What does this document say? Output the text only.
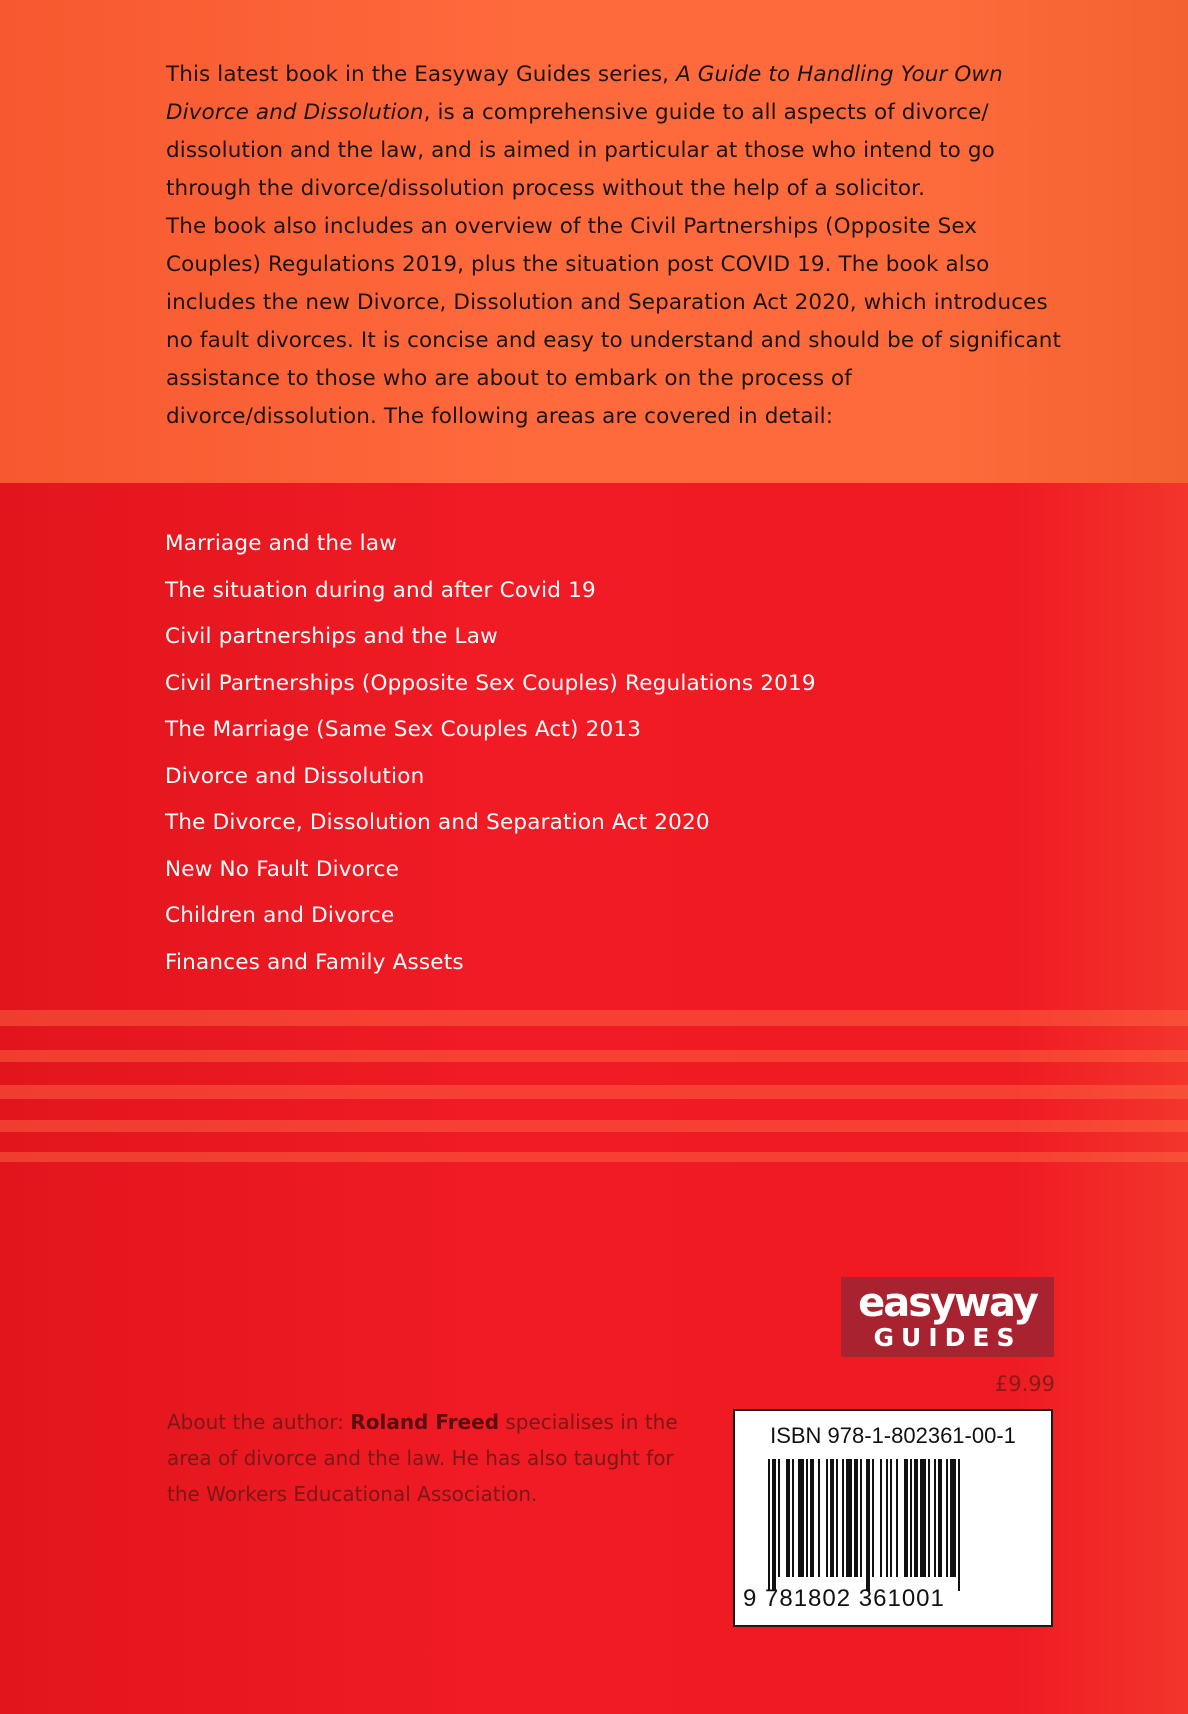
This latest book in the Easyway Guides series, A Guide to Handling Your Own Divorce and Dissolution, is a comprehensive guide to all aspects of divorce/ dissolution and the law, and is aimed in particular at those who intend to go through the divorce/dissolution process without the help of a solicitor.

The book also includes an overview of the Civil Partnerships (Opposite Sex Couples) Regulations 2019, plus the situation post COVID 19. The book also includes the new Divorce, Dissolution and Separation Act 2020, which introduces no fault divorces. It is concise and easy to understand and should be of significant assistance to those who are about to embark on the process of divorce/dissolution. The following areas are covered in detail:

Marriage and the law
The situation during and after Covid 19
Civil partnerships and the Law
Civil Partnerships (Opposite Sex Couples) Regulations 2019
The Marriage (Same Sex Couples Act) 2013
Divorce and Dissolution
The Divorce, Dissolution and Separation Act 2020
New No Fault Divorce
Children and Divorce
Finances and Family Assets
easyway
GUIDES
£9.99
About the author: Roland Freed specialises in the area of divorce and the law. He has also taught for the Workers Educational Association.
ISBN 978-1-802361-00-1
9 781802 361001
